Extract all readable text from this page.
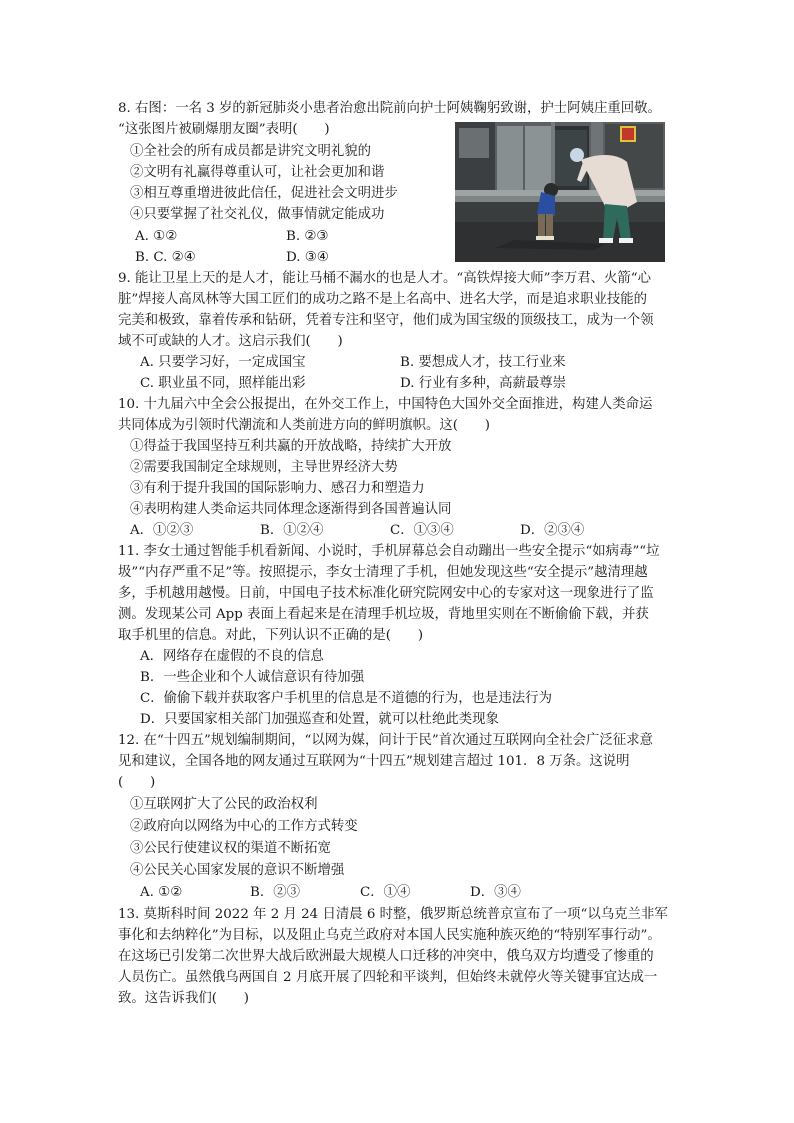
8. 右图：一名 3 岁的新冠肺炎小患者治愈出院前向护士阿姨鞠躬致谢，护士阿姨庄重回敬。
“这张图片被刷爆朋友圈”表明(　　)
①全社会的所有成员都是讲究文明礼貌的
②文明有礼赢得尊重认可，让社会更加和谐
③相互尊重增进彼此信任，促进社会文明进步
④只要掌握了社交礼仪，做事情就定能成功
A. ①②	B. ②③
B. C. ②④	D. ③④
9. 能让卫星上天的是人才，能让马桶不漏水的也是人才。“高铁焊接大师”李万君、火箭“心
脏”焊接人高凤林等大国工匠们的成功之路不是上名高中、进名大学，而是追求职业技能的
完美和极致，靠着传承和钻研，凭着专注和坚守，他们成为国宝级的顶级技工，成为一个领
域不可或缺的人才。这启示我们(　　)
A. 只要学习好，一定成国宝	B. 要想成人才，技工行业来
C. 职业虽不同，照样能出彩	D. 行业有多种，高薪最尊崇
10. 十九届六中全会公报提出，在外交工作上，中国特色大国外交全面推进，构建人类命运
共同体成为引领时代潮流和人类前进方向的鲜明旗帜。这(　　)
①得益于我国坚持互利共赢的开放战略，持续扩大开放
②需要我国制定全球规则，主导世界经济大势
③有利于提升我国的国际影响力、感召力和塑造力
④表明构建人类命运共同体理念逐渐得到各国普遍认同
A．①②③	B．①②④	C．①③④	D．②③④
11. 李女士通过智能手机看新闻、小说时，手机屏幕总会自动蹦出一些安全提示“如病毒”“垃
圾”“内存严重不足”等。按照提示，李女士清理了手机，但她发现这些“安全提示”越清理越
多，手机越用越慢。日前，中国电子技术标准化研究院网安中心的专家对这一现象进行了监
测。发现某公司 App 表面上看起来是在清理手机垃圾，背地里实则在不断偷偷下载，并获
取手机里的信息。对此，下列认识不正确的是(　　)
A．网络存在虚假的不良的信息
B．一些企业和个人诚信意识有待加强
C．偷偷下载并获取客户手机里的信息是不道德的行为，也是违法行为
D．只要国家相关部门加强巡查和处置，就可以杜绝此类现象
12. 在“十四五”规划编制期间，“以网为媒，问计于民”首次通过互联网向全社会广泛征求意
见和建议，全国各地的网友通过互联网为“十四五”规划建言超过 101．8 万条。这说明
(　　)
①互联网扩大了公民的政治权利
②政府向以网络为中心的工作方式转变
③公民行使建议权的渠道不断拓宽
④公民关心国家发展的意识不断增强
A. ①②	B．②③	C．①④	D．③④
13. 莫斯科时间 2022 年 2 月 24 日清晨 6 时整，俄罗斯总统普京宣布了一项“以乌克兰非军
事化和去纳粹化”为目标，以及阻止乌克兰政府对本国人民实施种族灭绝的“特别军事行动”。
在这场已引发第二次世界大战后欧洲最大规模人口迁移的冲突中，俄乌双方均遭受了惨重的
人员伤亡。虽然俄乌两国自 2 月底开展了四轮和平谈判，但始终未就停火等关键事宜达成一
致。这告诉我们(　　)
